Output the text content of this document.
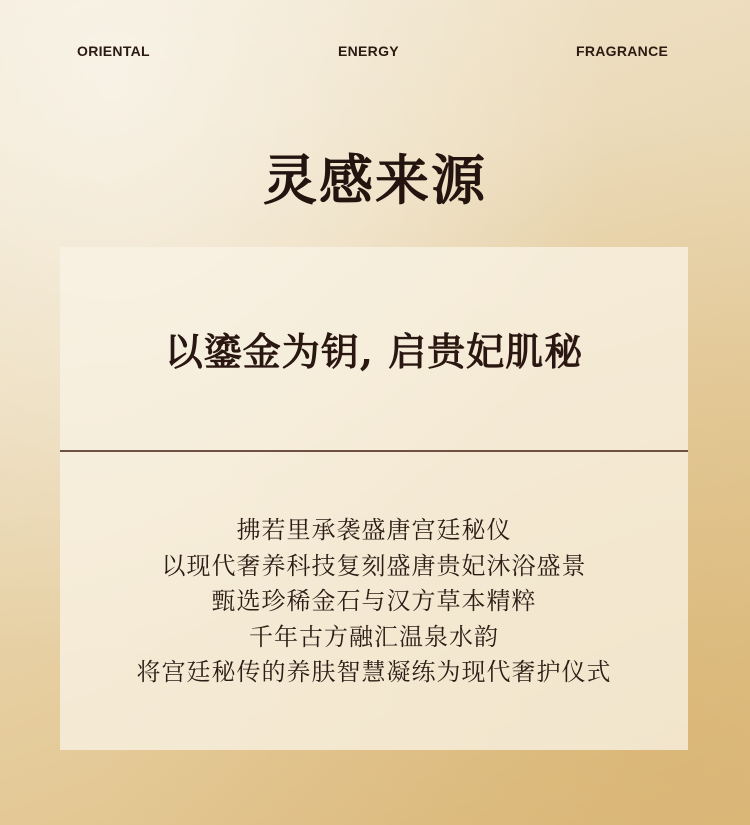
ORIENTAL	ENERGY	FRAGRANCE
灵感来源
以鎏金为钥, 启贵妃肌秘
拂若里承袭盛唐宫廷秘仪
以现代奢养科技复刻盛唐贵妃沐浴盛景
甄选珍稀金石与汉方草本精粹
千年古方融汇温泉水韵
将宫廷秘传的养肤智慧凝练为现代奢护仪式
